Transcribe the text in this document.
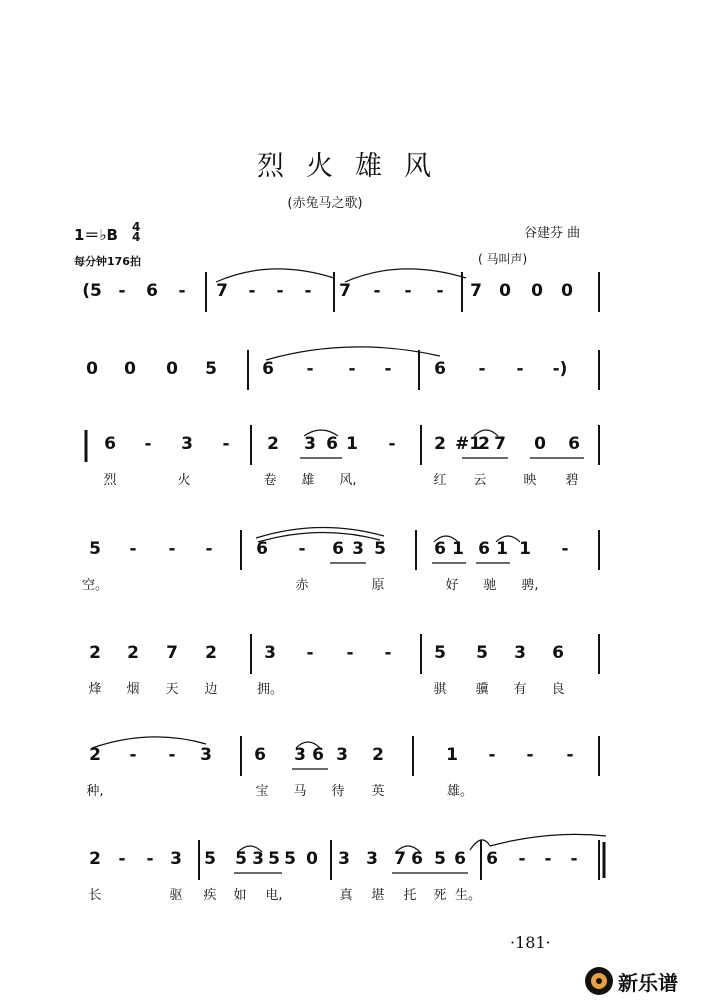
烈火雄风
(赤兔马之歌)
1＝♭B 4
4
每分钟176拍
谷建芬 曲
( 马叫声)
(5 - 6 - 7 - - - 7 - - - 7 0 0 0
0 0 0 5	6 - - -	6 - - -)
6 - 3 - 2 3 6 1 - 2 #1
2 7 0 6
烈	火	卷 雄 风,	红 云	映 碧
5 - - -	6 - 6 3 5	6 1 6 1 1 -
空。	赤	原	好 驰 骋,
2 2 7 2	3 - - -	5 5 3 6
烽 烟 天 边	拥。	骐 骥 有 良
2 - - 3 6 3 6 3 2	1 - - -
种,	宝 马 待 英	雄。
2 - - 3 5 5 3 5 5 0 3 3 7 6 5 6 6 - - -
长	驱 疾 如 电,	真 堪 托 死 生。
·181·
新乐谱
